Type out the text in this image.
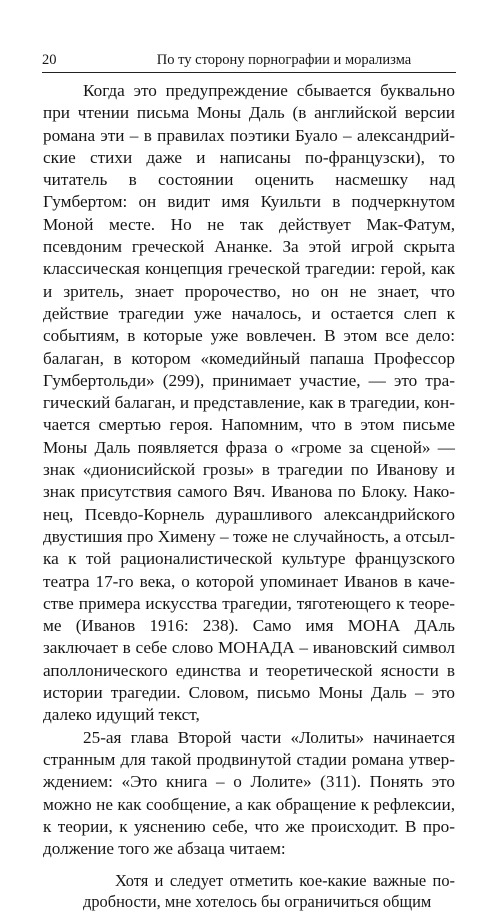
20	По ту сторону порнографии и морализма

Когда это предупреждение сбывается буквально при чтении письма Моны Даль (в английской версии романа эти – в правилах поэтики Буало – александрийские стихи даже и написаны по-французски), то читатель в состоянии оценить насмешку над Гумбертом: он видит имя Куильти в подчеркнутом Моной месте. Но не так действует Мак-Фатум, псевдоним греческой Ананке. За этой игрой скрыта классическая концепция греческой трагедии: герой, как и зритель, знает пророчество, но он не знает, что действие трагедии уже началось, и остается слеп к событиям, в которые уже вовлечен. В этом все дело: балаган, в котором «комедийный папаша Профессор Гумбертольди» (299), принимает участие, — это трагический балаган, и представление, как в трагедии, кончается смертью героя. Напомним, что в этом письме Моны Даль появляется фраза о «громе за сценой» — знак «дионисийской грозы» в трагедии по Иванову и знак присутствия самого Вяч. Иванова по Блоку. Наконец, Псевдо-Корнель дурашливого александрийского двустишия про Химену – тоже не случайность, а отсылка к той рационалистической культуре французского театра 17-го века, о которой упоминает Иванов в качестве примера искусства трагедии, тяготеющего к теореме (Иванов 1916: 238). Само имя МОНА ДАль заключает в себе слово МОНАДА – ивановский символ аполлонического единства и теоретической ясности в истории трагедии. Словом, письмо Моны Даль – это далеко идущий текст,

25-ая глава Второй части «Лолиты» начинается странным для такой продвинутой стадии романа утверждением: «Это книга – о Лолите» (311). Понять это можно не как сообщение, а как обращение к рефлексии, к теории, к уяснению себе, что же происходит. В продолжение того же абзаца читаем:

Хотя и следует отметить кое-какие важные подробности, мне хотелось бы ограничиться общим
